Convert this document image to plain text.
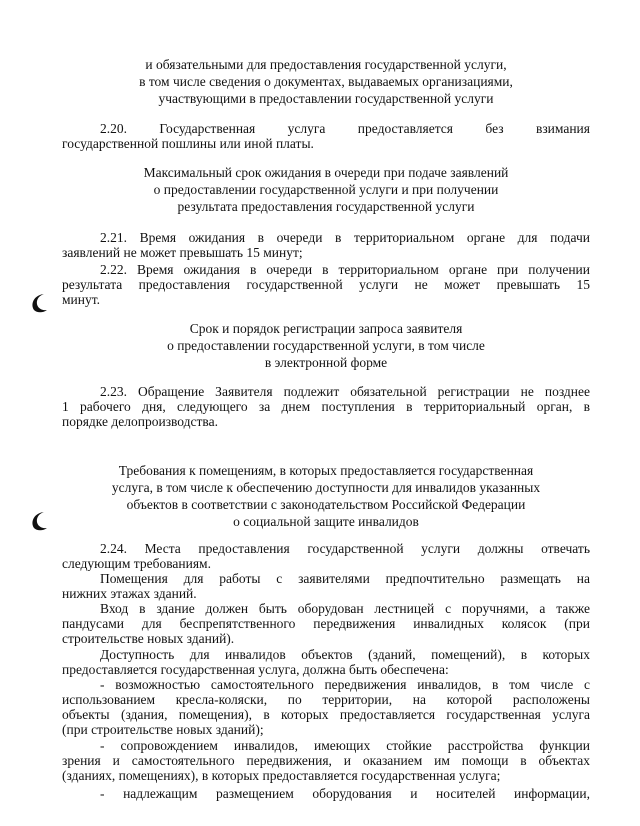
и обязательными для предоставления государственной услуги,
в том числе сведения о документах, выдаваемых организациями,
участвующими в предоставлении государственной услуги
2.20. Государственная услуга предоставляется без взимания
государственной пошлины или иной платы.
Максимальный срок ожидания в очереди при подаче заявлений
о предоставлении государственной услуги и при получении
результата предоставления государственной услуги
2.21. Время ожидания в очереди в территориальном органе для подачи
заявлений не может превышать 15 минут;
2.22. Время ожидания в очереди в территориальном органе при получении
результата предоставления государственной услуги не может превышать 15
минут.
Срок и порядок регистрации запроса заявителя
о предоставлении государственной услуги, в том числе
в электронной форме
2.23. Обращение Заявителя подлежит обязательной регистрации не позднее
1 рабочего дня, следующего за днем поступления в территориальный орган, в
порядке делопроизводства.
Требования к помещениям, в которых предоставляется государственная
услуга, в том числе к обеспечению доступности для инвалидов указанных
объектов в соответствии с законодательством Российской Федерации
о социальной защите инвалидов
2.24. Места предоставления государственной услуги должны отвечать
следующим требованиям.
Помещения для работы с заявителями предпочтительно размещать на
нижних этажах зданий.
Вход в здание должен быть оборудован лестницей с поручнями, а также
пандусами для беспрепятственного передвижения инвалидных колясок (при
строительстве новых зданий).
Доступность для инвалидов объектов (зданий, помещений), в которых
предоставляется государственная услуга, должна быть обеспечена:
- возможностью самостоятельного передвижения инвалидов, в том числе с
использованием кресла-коляски, по территории, на которой расположены
объекты (здания, помещения), в которых предоставляется государственная услуга
(при строительстве новых зданий);
- сопровождением инвалидов, имеющих стойкие расстройства функции
зрения и самостоятельного передвижения, и оказанием им помощи в объектах
(зданиях, помещениях), в которых предоставляется государственная услуга;
- надлежащим размещением оборудования и носителей информации,
